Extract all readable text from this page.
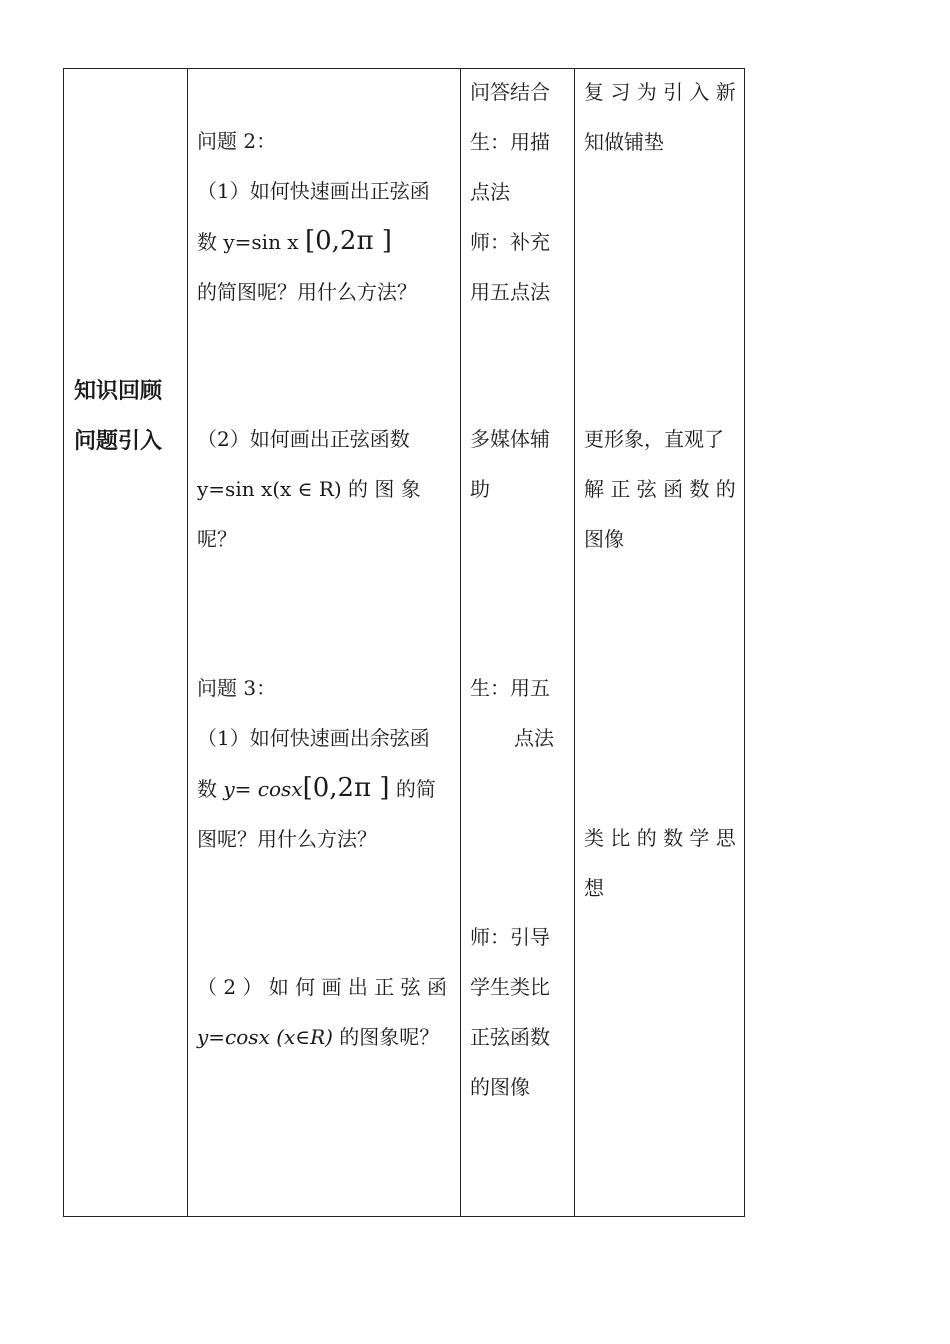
知识回顾
问题引入
问题 2：
（1）如何快速画出正弦函
数 y=sin x [0,2π ]
的简图呢？用什么方法？
（2）如何画出正弦函数
y=sin x(x ∈ R) 的 图 象
呢？
问题 3：
（1）如何快速画出余弦函
数 y= cosx[0,2π ] 的简
图呢？用什么方法？
（ 2 ） 如 何 画 出 正 弦 函
y=cosx (x∈R) 的图象呢？
问答结合
生：用描
点法
师：补充
用五点法
多媒体辅
助
生：用五
点法
师：引导
学生类比
正弦函数
的图像
复 习 为 引 入 新
知做铺垫
更形象，直观了
解 正 弦 函 数 的
图像
类 比 的 数 学 思
想
